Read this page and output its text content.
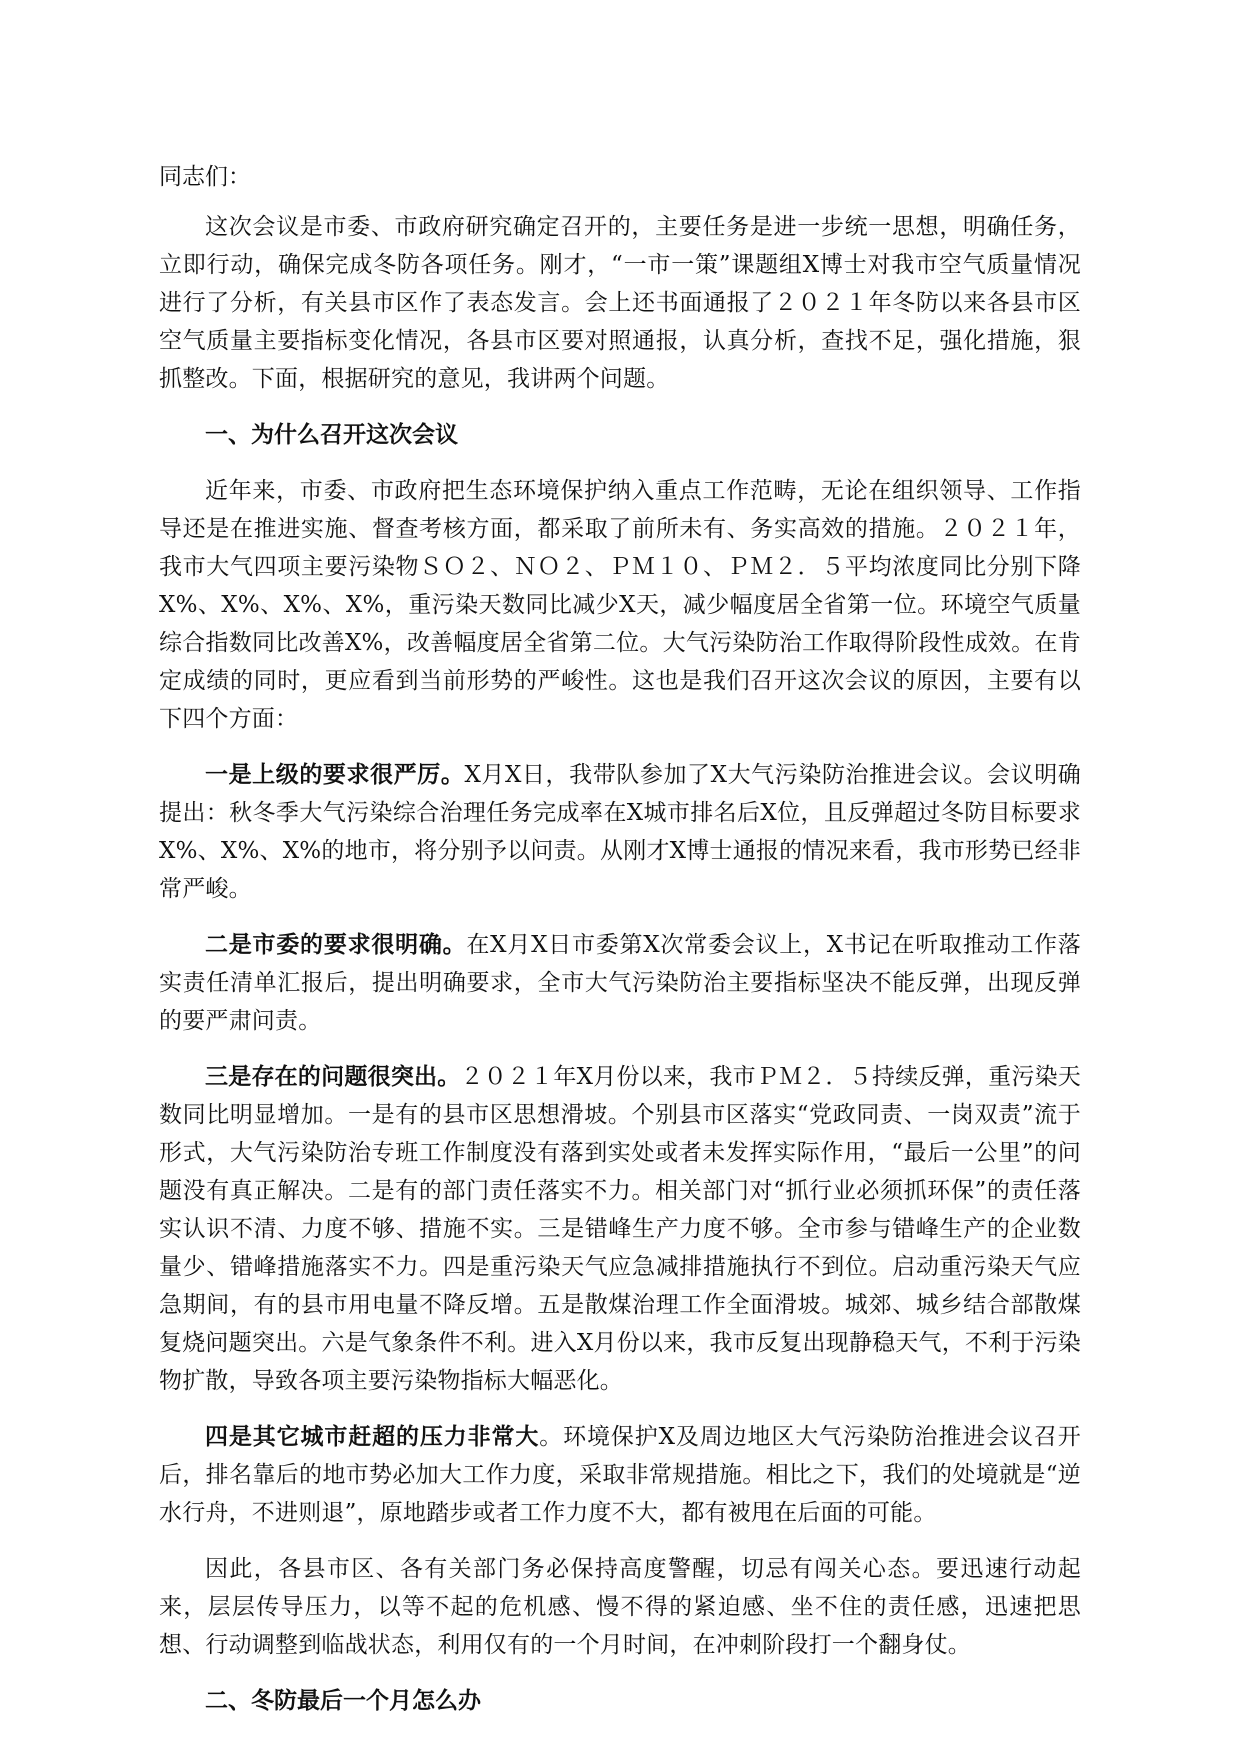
同志们：

这次会议是市委、市政府研究确定召开的，主要任务是进一步统一思想，明确任务，立即行动，确保完成冬防各项任务。刚才，“一市一策”课题组X博士对我市空气质量情况进行了分析，有关县市区作了表态发言。会上还书面通报了２０２１年冬防以来各县市区空气质量主要指标变化情况，各县市区要对照通报，认真分析，查找不足，强化措施，狠抓整改。下面，根据研究的意见，我讲两个问题。

一、为什么召开这次会议

近年来，市委、市政府把生态环境保护纳入重点工作范畴，无论在组织领导、工作指导还是在推进实施、督查考核方面，都采取了前所未有、务实高效的措施。２０２１年，我市大气四项主要污染物ＳＯ２、ＮＯ２、ＰＭ１０、ＰＭ２．５平均浓度同比分别下降X%、X%、X%、X%，重污染天数同比减少X天，减少幅度居全省第一位。环境空气质量综合指数同比改善X%，改善幅度居全省第二位。大气污染防治工作取得阶段性成效。在肯定成绩的同时，更应看到当前形势的严峻性。这也是我们召开这次会议的原因，主要有以下四个方面：

一是上级的要求很严厉。X月X日，我带队参加了X大气污染防治推进会议。会议明确提出：秋冬季大气污染综合治理任务完成率在X城市排名后X位，且反弹超过冬防目标要求X%、X%、X%的地市，将分别予以问责。从刚才X博士通报的情况来看，我市形势已经非常严峻。

二是市委的要求很明确。在X月X日市委第X次常委会议上，X书记在听取推动工作落实责任清单汇报后，提出明确要求，全市大气污染防治主要指标坚决不能反弹，出现反弹的要严肃问责。

三是存在的问题很突出。２０２１年X月份以来，我市ＰＭ２．５持续反弹，重污染天数同比明显增加。一是有的县市区思想滑坡。个别县市区落实“党政同责、一岗双责”流于形式，大气污染防治专班工作制度没有落到实处或者未发挥实际作用，“最后一公里”的问题没有真正解决。二是有的部门责任落实不力。相关部门对“抓行业必须抓环保”的责任落实认识不清、力度不够、措施不实。三是错峰生产力度不够。全市参与错峰生产的企业数量少、错峰措施落实不力。四是重污染天气应急减排措施执行不到位。启动重污染天气应急期间，有的县市用电量不降反增。五是散煤治理工作全面滑坡。城郊、城乡结合部散煤复烧问题突出。六是气象条件不利。进入X月份以来，我市反复出现静稳天气，不利于污染物扩散，导致各项主要污染物指标大幅恶化。

四是其它城市赶超的压力非常大。环境保护X及周边地区大气污染防治推进会议召开后，排名靠后的地市势必加大工作力度，采取非常规措施。相比之下，我们的处境就是“逆水行舟，不进则退”，原地踏步或者工作力度不大，都有被甩在后面的可能。

因此，各县市区、各有关部门务必保持高度警醒，切忌有闯关心态。要迅速行动起来，层层传导压力，以等不起的危机感、慢不得的紧迫感、坐不住的责任感，迅速把思想、行动调整到临战状态，利用仅有的一个月时间，在冲刺阶段打一个翻身仗。

二、冬防最后一个月怎么办
